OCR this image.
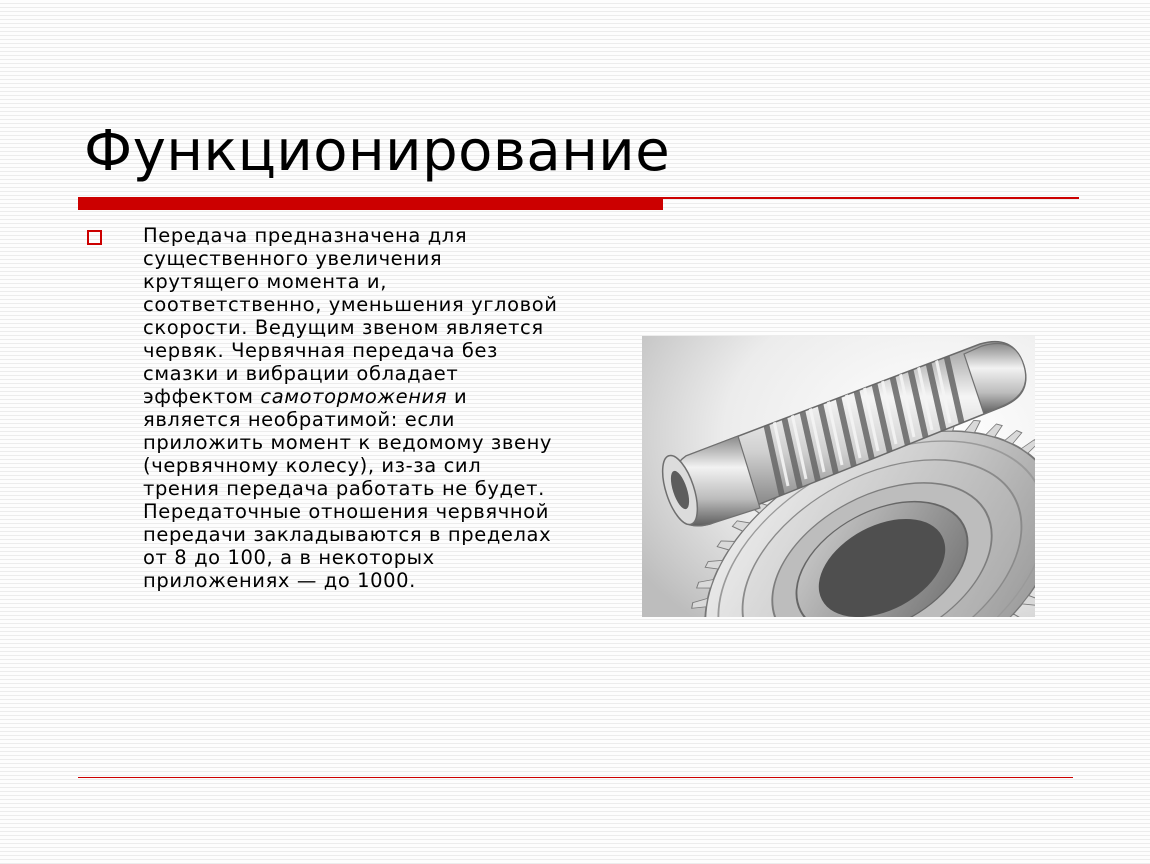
Функционирование

Передача предназначена для существенного увеличения крутящего момента и, соответственно, уменьшения угловой скорости. Ведущим звеном является червяк. Червячная передача без смазки и вибрации обладает эффектом самоторможения и является необратимой: если приложить момент к ведомому звену (червячному колесу), из-за сил трения передача работать не будет. Передаточные отношения червячной передачи закладываются в пределах от 8 до 100, а в некоторых приложениях — до 1000.
